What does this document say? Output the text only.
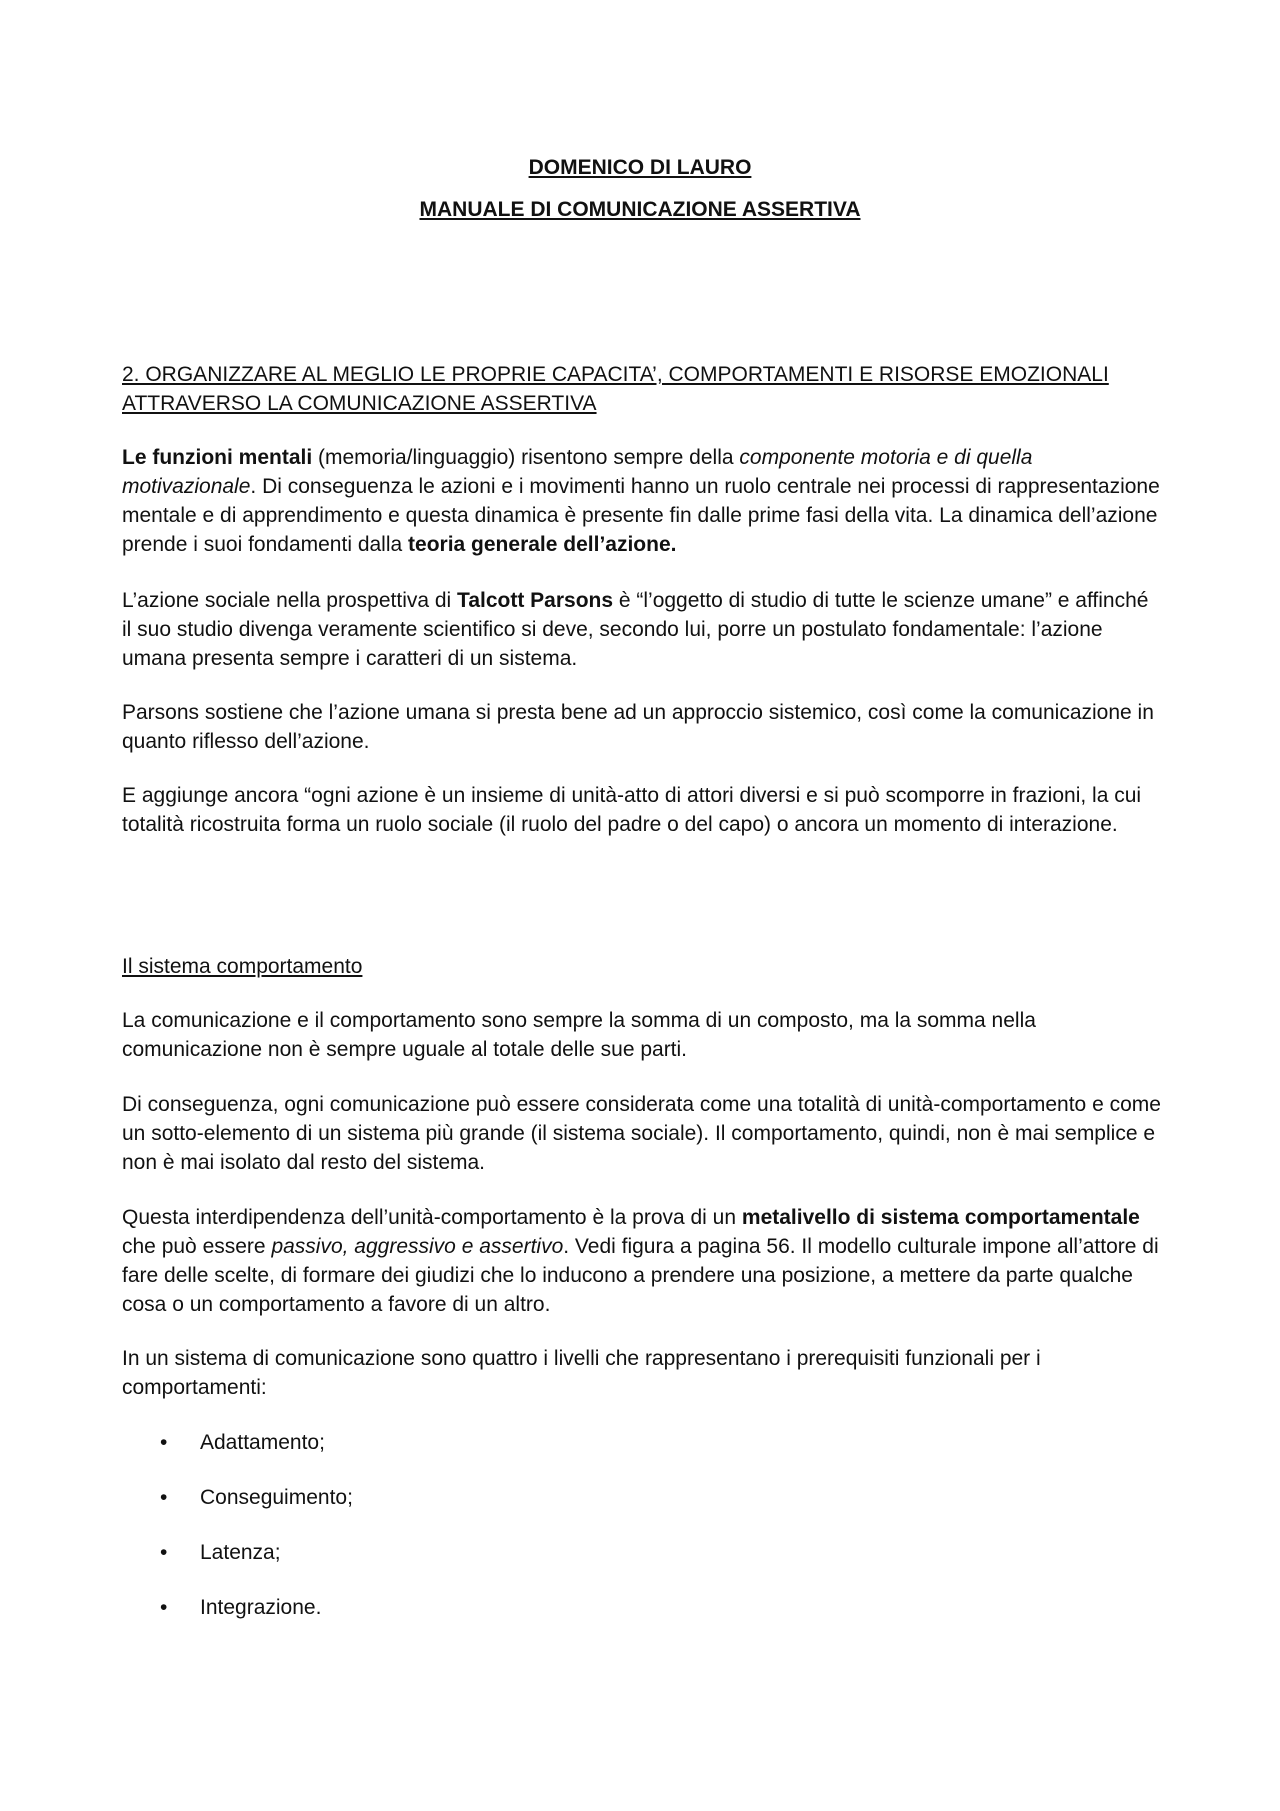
DOMENICO DI LAURO
MANUALE DI COMUNICAZIONE ASSERTIVA
2. ORGANIZZARE AL MEGLIO LE PROPRIE CAPACITA’, COMPORTAMENTI E RISORSE EMOZIONALI
ATTRAVERSO LA COMUNICAZIONE ASSERTIVA
Le funzioni mentali (memoria/linguaggio) risentono sempre della componente motoria e di quella motivazionale. Di conseguenza le azioni e i movimenti hanno un ruolo centrale nei processi di rappresentazione mentale e di apprendimento e questa dinamica è presente fin dalle prime fasi della vita. La dinamica dell’azione prende i suoi fondamenti dalla teoria generale dell’azione.
L’azione sociale nella prospettiva di Talcott Parsons è “l’oggetto di studio di tutte le scienze umane” e affinché il suo studio divenga veramente scientifico si deve, secondo lui, porre un postulato fondamentale: l’azione umana presenta sempre i caratteri di un sistema.
Parsons sostiene che l’azione umana si presta bene ad un approccio sistemico, così come la comunicazione in quanto riflesso dell’azione.
E aggiunge ancora “ogni azione è un insieme di unità-atto di attori diversi e si può scomporre in frazioni, la cui totalità ricostruita forma un ruolo sociale (il ruolo del padre o del capo) o ancora un momento di interazione.
Il sistema comportamento
La comunicazione e il comportamento sono sempre la somma di un composto, ma la somma nella comunicazione non è sempre uguale al totale delle sue parti.
Di conseguenza, ogni comunicazione può essere considerata come una totalità di unità-comportamento e come un sotto-elemento di un sistema più grande (il sistema sociale). Il comportamento, quindi, non è mai semplice e non è mai isolato dal resto del sistema.
Questa interdipendenza dell’unità-comportamento è la prova di un metalivello di sistema comportamentale che può essere passivo, aggressivo e assertivo. Vedi figura a pagina 56. Il modello culturale impone all’attore di fare delle scelte, di formare dei giudizi che lo inducono a prendere una posizione, a mettere da parte qualche cosa o un comportamento a favore di un altro.
In un sistema di comunicazione sono quattro i livelli che rappresentano i prerequisiti funzionali per i comportamenti:
•	Adattamento;
•	Conseguimento;
•	Latenza;
•	Integrazione.
